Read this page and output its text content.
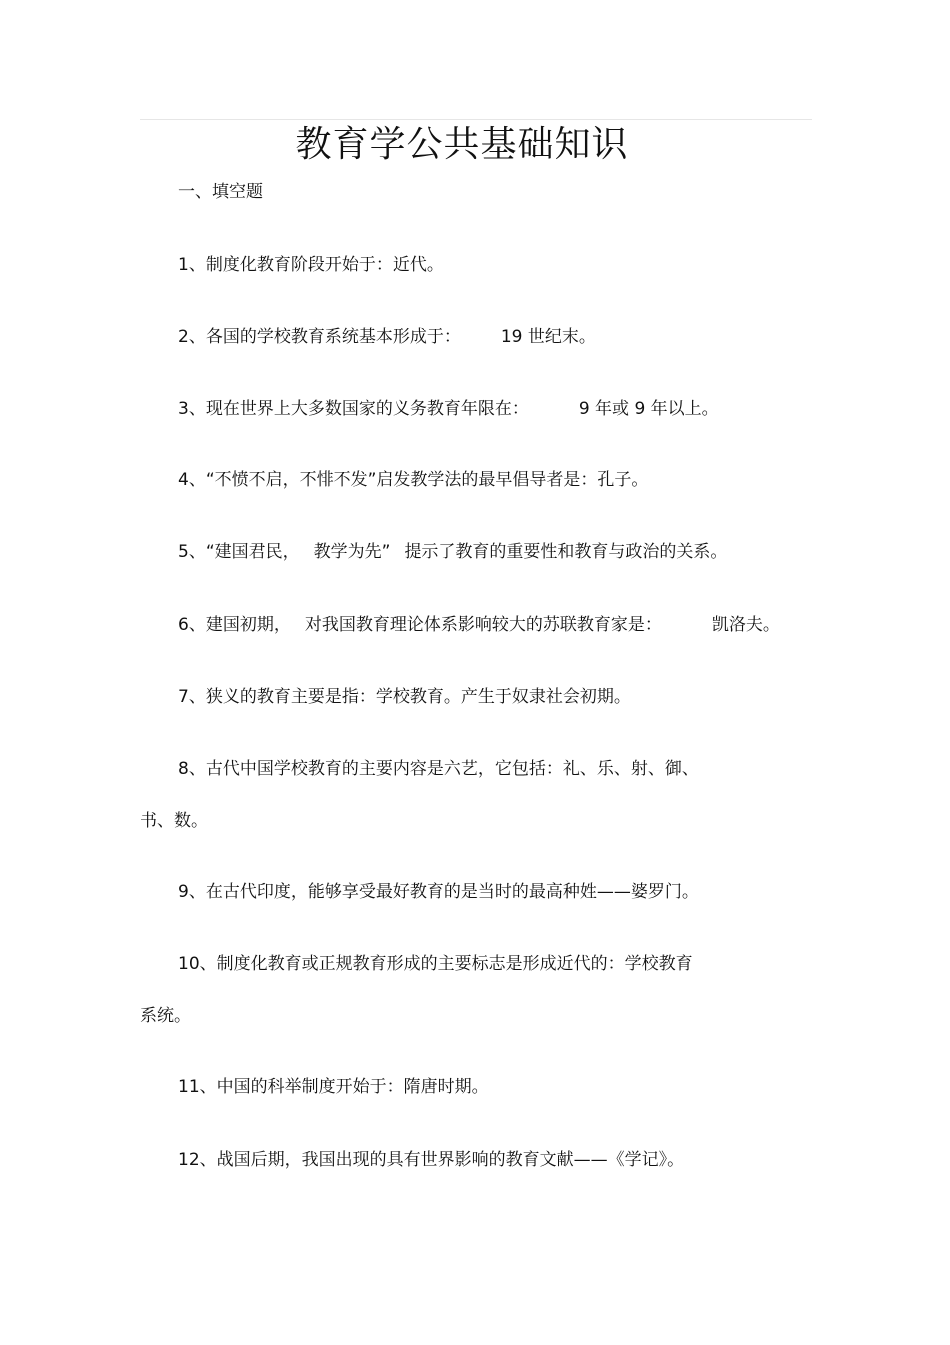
教育学公共基础知识
一、填空题
1、制度化教育阶段开始于：近代。
2、各国的学校教育系统基本形成于： 19 世纪末。
3、现在世界上大多数国家的义务教育年限在：	9 年或 9 年以上。
4、“不愤不启，不悱不发”启发教学法的最早倡导者是：孔子。
5、“建国君民， 教学为先” 提示了教育的重要性和教育与政治的关系。
6、建国初期， 对我国教育理论体系影响较大的苏联教育家是：	凯洛夫。
7、狭义的教育主要是指：学校教育。产生于奴隶社会初期。
8、古代中国学校教育的主要内容是六艺，它包括：礼、乐、射、御、
书、数。
9、在古代印度，能够享受最好教育的是当时的最高种姓——婆罗门。
10、制度化教育或正规教育形成的主要标志是形成近代的：学校教育
系统。
11、中国的科举制度开始于：隋唐时期。
12、战国后期，我国出现的具有世界影响的教育文献——《学记》。
